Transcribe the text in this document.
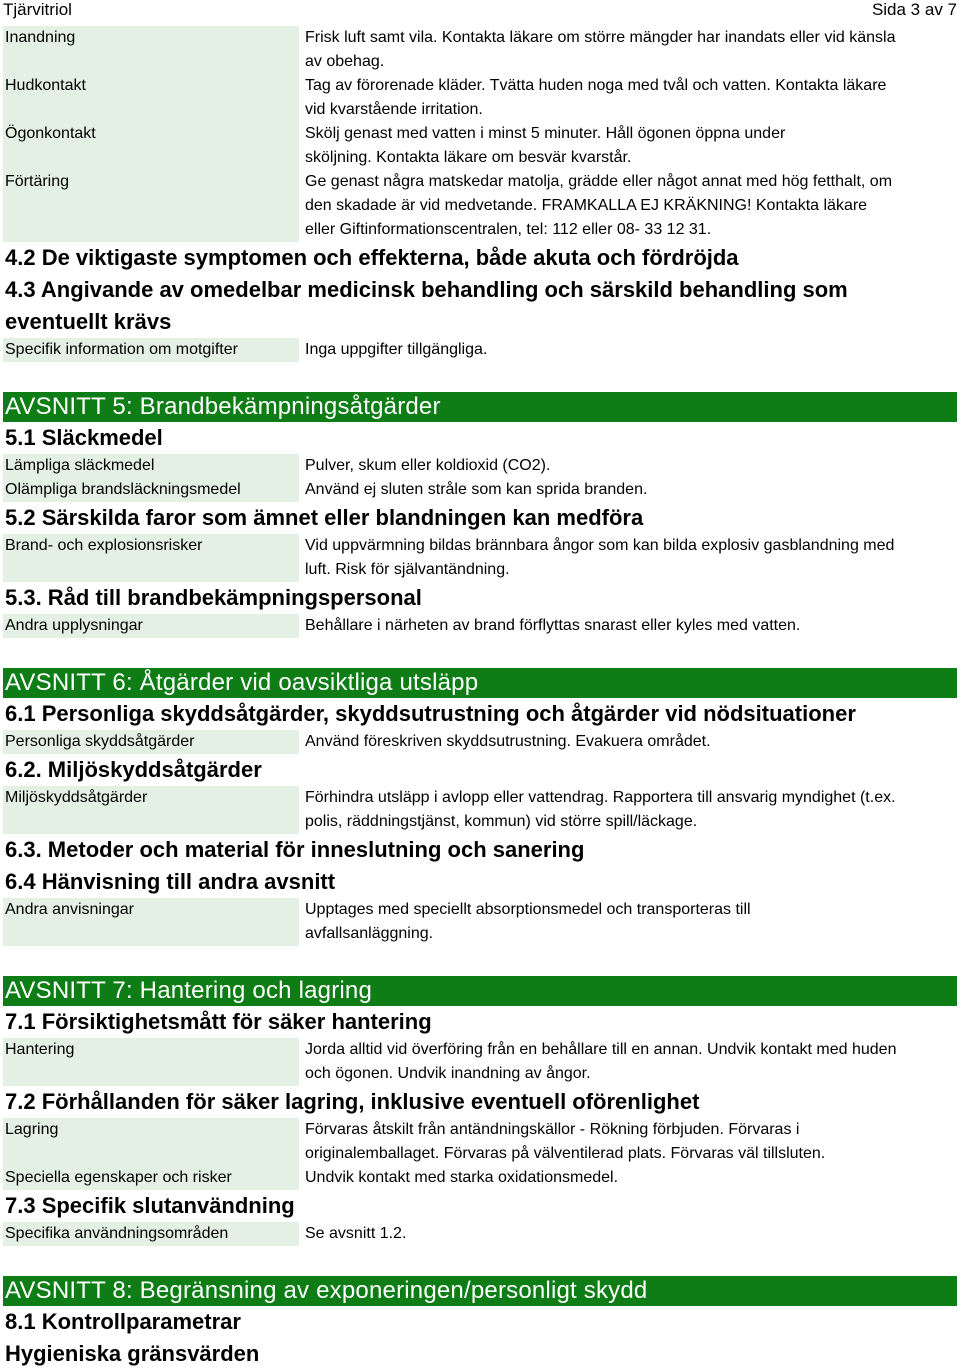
Tjärvitriol	Sida 3 av 7
Inandning	Frisk luft samt vila. Kontakta läkare om större mängder har inandats eller vid känsla av obehag.
Hudkontakt	Tag av förorenade kläder. Tvätta huden noga med tvål och vatten. Kontakta läkare vid kvarstående irritation.
Ögonkontakt	Skölj genast med vatten i minst 5 minuter. Håll ögonen öppna under sköljning. Kontakta läkare om besvär kvarstår.
Förtäring	Ge genast några matskedar matolja, grädde eller något annat med hög fetthalt, om den skadade är vid medvetande. FRAMKALLA EJ KRÄKNING! Kontakta läkare eller Giftinformationscentralen, tel: 112 eller 08- 33 12 31.
4.2 De viktigaste symptomen och effekterna, både akuta och fördröjda
4.3 Angivande av omedelbar medicinsk behandling och särskild behandling som eventuellt krävs
Specifik information om motgifter	Inga uppgifter tillgängliga.
AVSNITT 5: Brandbekämpningsåtgärder
5.1 Släckmedel
Lämpliga släckmedel	Pulver, skum eller koldioxid (CO2).
Olämpliga brandsläckningsmedel	Använd ej sluten stråle som kan sprida branden.
5.2 Särskilda faror som ämnet eller blandningen kan medföra
Brand- och explosionsrisker	Vid uppvärmning bildas brännbara ångor som kan bilda explosiv gasblandning med luft. Risk för självantändning.
5.3. Råd till brandbekämpningspersonal
Andra upplysningar	Behållare i närheten av brand förflyttas snarast eller kyles med vatten.
AVSNITT 6: Åtgärder vid oavsiktliga utsläpp
6.1 Personliga skyddsåtgärder, skyddsutrustning och åtgärder vid nödsituationer
Personliga skyddsåtgärder	Använd föreskriven skyddsutrustning. Evakuera området.
6.2. Miljöskyddsåtgärder
Miljöskyddsåtgärder	Förhindra utsläpp i avlopp eller vattendrag. Rapportera till ansvarig myndighet (t.ex. polis, räddningstjänst, kommun) vid större spill/läckage.
6.3. Metoder och material för inneslutning och sanering
6.4 Hänvisning till andra avsnitt
Andra anvisningar	Upptages med speciellt absorptionsmedel och transporteras till avfallsanläggning.
AVSNITT 7: Hantering och lagring
7.1 Försiktighetsmått för säker hantering
Hantering	Jorda alltid vid överföring från en behållare till en annan. Undvik kontakt med huden och ögonen. Undvik inandning av ångor.
7.2 Förhållanden för säker lagring, inklusive eventuell oförenlighet
Lagring	Förvaras åtskilt från antändningskällor - Rökning förbjuden. Förvaras i originalemballaget. Förvaras på välventilerad plats. Förvaras väl tillsluten.
Speciella egenskaper och risker	Undvik kontakt med starka oxidationsmedel.
7.3 Specifik slutanvändning
Specifika användningsområden	Se avsnitt 1.2.
AVSNITT 8: Begränsning av exponeringen/personligt skydd
8.1 Kontrollparametrar
Hygieniska gränsvärden
